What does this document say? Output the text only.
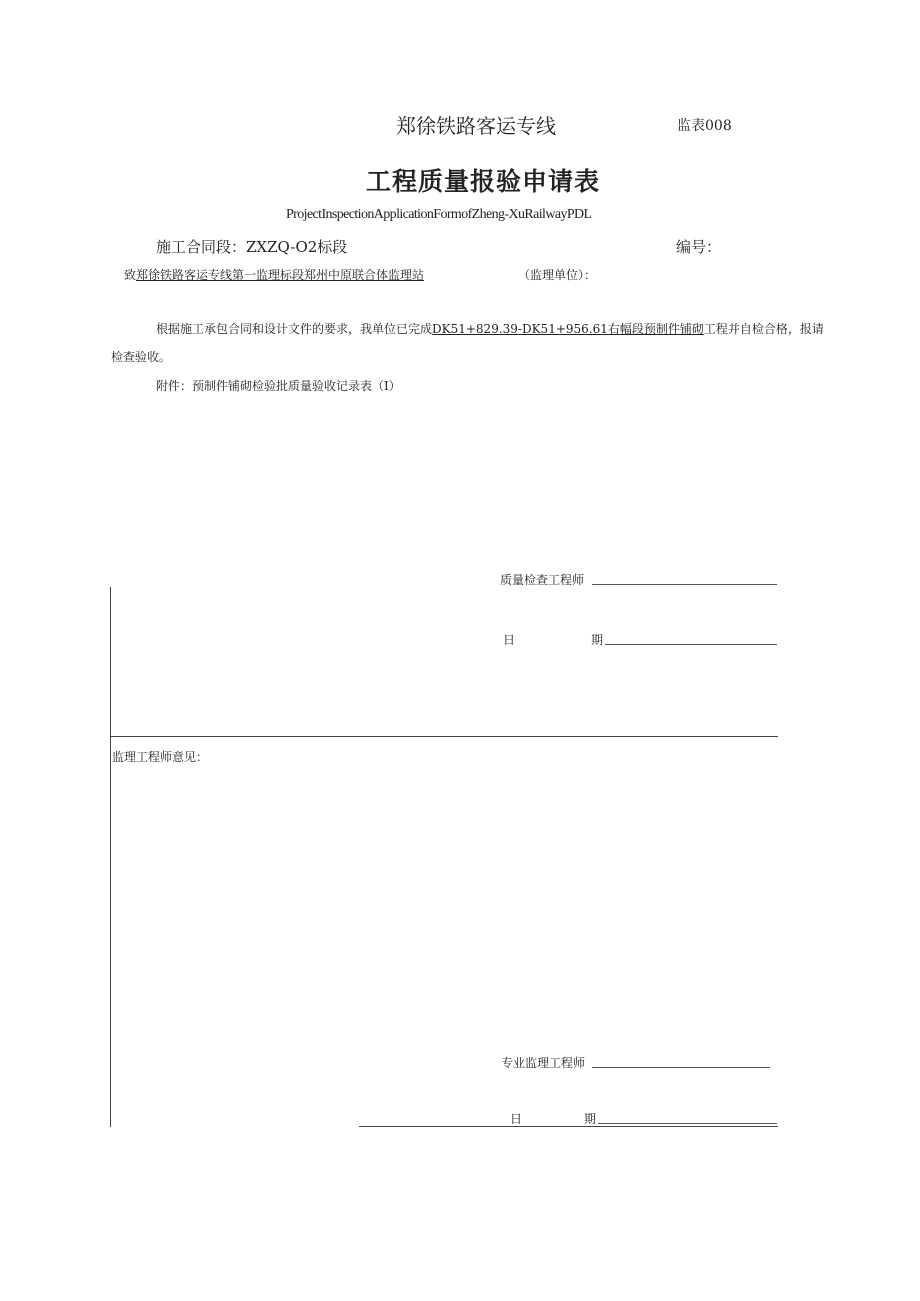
郑徐铁路客运专线	监表008
工程质量报验申请表
ProjectInspectionApplicationFormofZheng-XuRailwayPDL
施工合同段：ZXZQ-O2标段	编号：
致郑徐铁路客运专线第一监理标段郑州中原联合体监理站	（监理单位）：
根据施工承包合同和设计文件的要求，我单位已完成DK51+829.39-DK51+956.61右幅段预制件铺砌工程并自检合格，报请
检查验收。
附件：预制件铺砌检验批质量验收记录表（I）
质量检查工程师
日	期
监理工程师意见：
专业监理工程师
日	期
